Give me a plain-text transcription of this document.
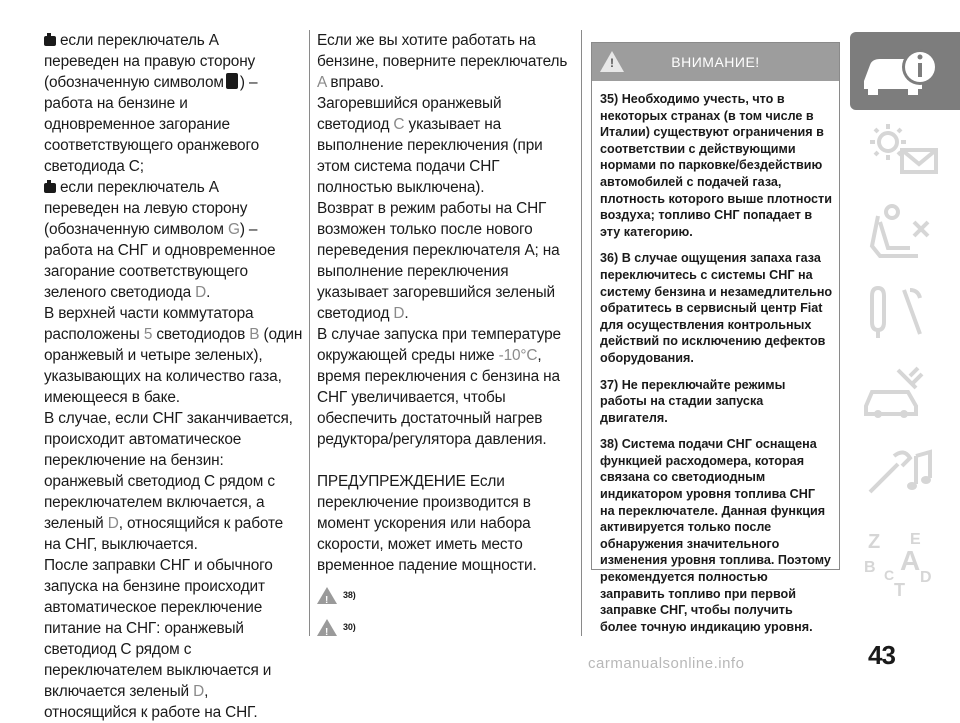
если переключатель A

переведен на правую сторону

(обозначенную символом ) –

работа на бензине и

одновременное загорание

соответствующего оранжевого

светодиода C;

если переключатель A

переведен на левую сторону

(обозначенную символом G) –

работа на СНГ и одновременное

загорание соответствующего

зеленого светодиода D.

В верхней части коммутатора

расположены 5 светодиодов B (один

оранжевый и четыре зеленых),

указывающих на количество газа,

имеющееся в баке.

В случае, если СНГ заканчивается,

происходит автоматическое

переключение на бензин:

оранжевый светодиод C рядом с

переключателем включается, а

зеленый D, относящийся к работе

на СНГ, выключается.

После заправки СНГ и обычного

запуска на бензине происходит

автоматическое переключение

питание на СНГ: оранжевый

светодиод C рядом с

переключателем выключается и

включается зеленый D,

относящийся к работе на СНГ.

Если же вы хотите работать на

бензине, поверните переключатель

A вправо.

Загоревшийся оранжевый

светодиод C указывает на

выполнение переключения (при

этом система подачи СНГ

полностью выключена).

Возврат в режим работы на СНГ

возможен только после нового

переведения переключателя A; на

выполнение переключения

указывает загоревшийся зеленый

светодиод D.

В случае запуска при температуре

окружающей среды ниже -10°C,

время переключения с бензина на

СНГ увеличивается, чтобы

обеспечить достаточный нагрев

редуктора/регулятора давления.

ПРЕДУПРЕЖДЕНИЕ Если

переключение производится в

момент ускорения или набора

скорости, может иметь место

временное падение мощности.

!
38)
!
30)
!
ВНИМАНИЕ!

35) Необходимо учесть, что в некоторых странах (в том числе в Италии) существуют ограничения в соответствии с действующими нормами по парковке/бездействию автомобилей с подачей газа, плотность которого выше плотности воздуха; топливо СНГ попадает в эту категорию.

36) В случае ощущения запаха газа переключитесь с системы СНГ на систему бензина и незамедлительно обратитесь в сервисный центр Fiat для осуществления контрольных действий по исключению дефектов оборудования.

37) Не переключайте режимы работы на стадии запуска двигателя.

38) Система подачи СНГ оснащена функцией расходомера, которая связана со светодиодным индикатором уровня топлива СНГ на переключателе. Данная функция активируется только после обнаружения значительного изменения уровня топлива. Поэтому рекомендуется полностью заправить топливо при первой заправке СНГ, чтобы получить более точную индикацию уровня.

Z E
B A
C D
T
43
carmanualsonline.info
